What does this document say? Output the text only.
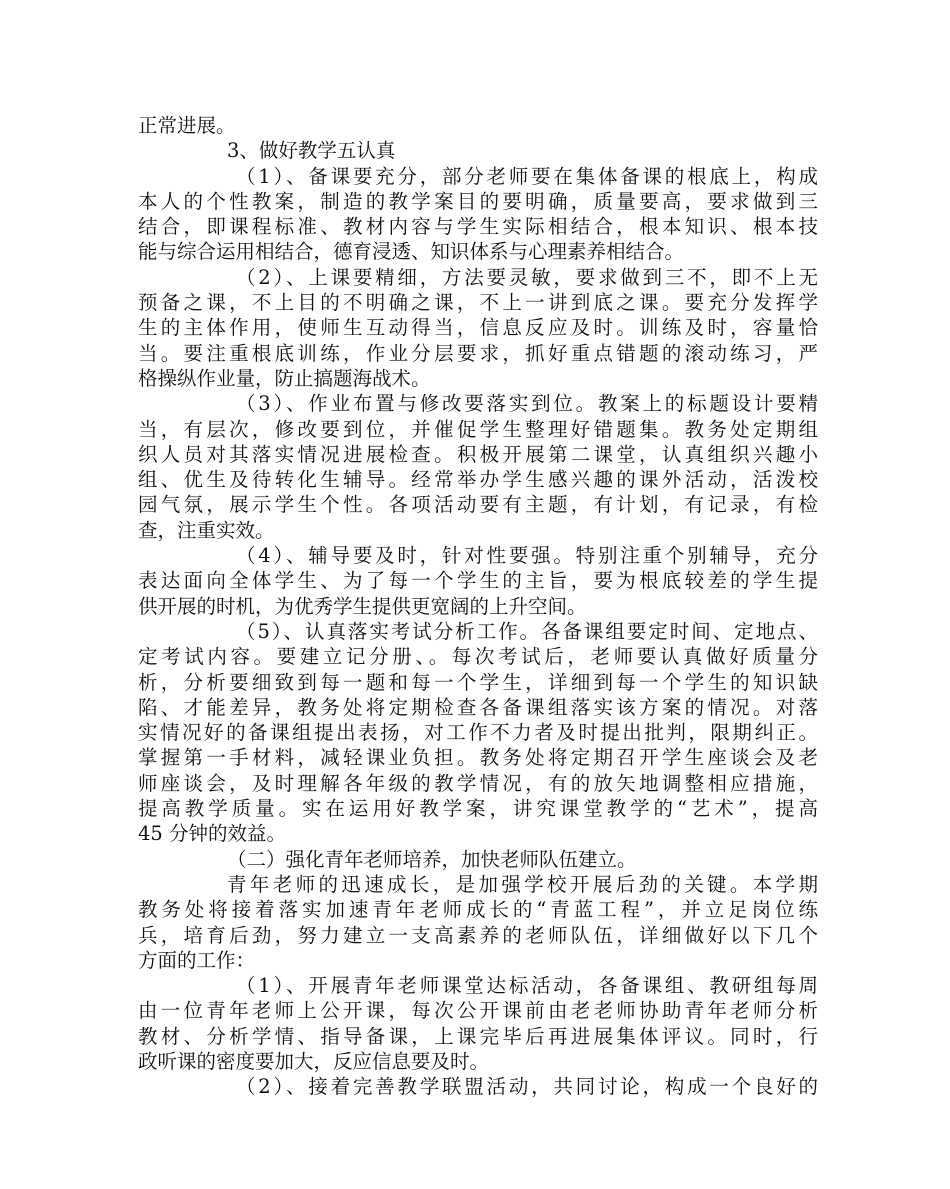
正常进展。
3、做好教学五认真
（1）、备课要充分，部分老师要在集体备课的根底上，构成
本人的个性教案，制造的教学案目的要明确，质量要高，要求做到三
结合，即课程标准、教材内容与学生实际相结合，根本知识、根本技
能与综合运用相结合，德育浸透、知识体系与心理素养相结合。
（2）、上课要精细，方法要灵敏，要求做到三不，即不上无
预备之课，不上目的不明确之课，不上一讲到底之课。要充分发挥学
生的主体作用，使师生互动得当，信息反应及时。训练及时，容量恰
当。要注重根底训练，作业分层要求，抓好重点错题的滚动练习，严
格操纵作业量，防止搞题海战术。
（3）、作业布置与修改要落实到位。教案上的标题设计要精
当，有层次，修改要到位，并催促学生整理好错题集。教务处定期组
织人员对其落实情况进展检查。积极开展第二课堂，认真组织兴趣小
组、优生及待转化生辅导。经常举办学生感兴趣的课外活动，活泼校
园气氛，展示学生个性。各项活动要有主题，有计划，有记录，有检
查，注重实效。
（4）、辅导要及时，针对性要强。特别注重个别辅导，充分
表达面向全体学生、为了每一个学生的主旨，要为根底较差的学生提
供开展的时机，为优秀学生提供更宽阔的上升空间。
（5）、认真落实考试分析工作。各备课组要定时间、定地点、
定考试内容。要建立记分册、。每次考试后，老师要认真做好质量分
析，分析要细致到每一题和每一个学生，详细到每一个学生的知识缺
陷、才能差异，教务处将定期检查各备课组落实该方案的情况。对落
实情况好的备课组提出表扬，对工作不力者及时提出批判，限期纠正。
掌握第一手材料，减轻课业负担。教务处将定期召开学生座谈会及老
师座谈会，及时理解各年级的教学情况，有的放矢地调整相应措施，
提高教学质量。实在运用好教学案，讲究课堂教学的“艺术”，提高
45 分钟的效益。
（二）强化青年老师培养，加快老师队伍建立。
青年老师的迅速成长，是加强学校开展后劲的关键。本学期
教务处将接着落实加速青年老师成长的“青蓝工程”，并立足岗位练
兵，培育后劲，努力建立一支高素养的老师队伍，详细做好以下几个
方面的工作：
（1）、开展青年老师课堂达标活动，各备课组、教研组每周
由一位青年老师上公开课，每次公开课前由老老师协助青年老师分析
教材、分析学情、指导备课，上课完毕后再进展集体评议。同时，行
政听课的密度要加大，反应信息要及时。
（2）、接着完善教学联盟活动，共同讨论，构成一个良好的
